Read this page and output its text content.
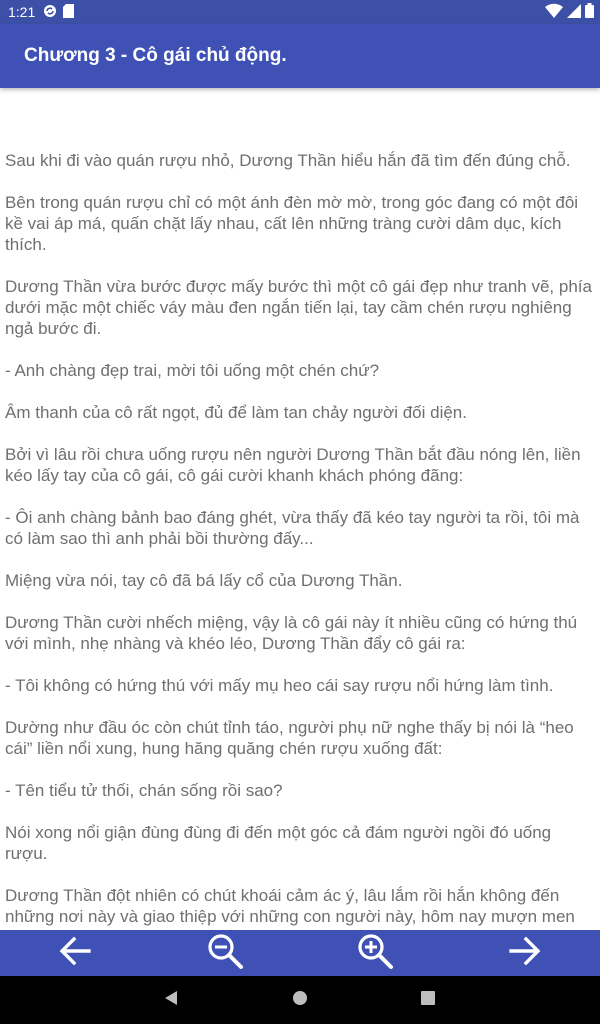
1:21
Chương 3 - Cô gái chủ động.

Sau khi đi vào quán rượu nhỏ, Dương Thần hiểu hắn đã tìm đến đúng chỗ.

Bên trong quán rượu chỉ có một ánh đèn mờ mờ, trong góc đang có một đôi kề vai áp má, quấn chặt lấy nhau, cất lên những tràng cười dâm dục, kích thích.

Dương Thần vừa bước được mấy bước thì một cô gái đẹp như tranh vẽ, phía dưới mặc một chiếc váy màu đen ngắn tiến lại, tay cầm chén rượu nghiêng ngả bước đi.

- Anh chàng đẹp trai, mời tôi uống một chén chứ?

Âm thanh của cô rất ngọt, đủ để làm tan chảy người đối diện.

Bởi vì lâu rồi chưa uống rượu nên người Dương Thần bắt đầu nóng lên, liền kéo lấy tay của cô gái, cô gái cười khanh khách phóng đãng:

- Ôi anh chàng bảnh bao đáng ghét, vừa thấy đã kéo tay người ta rồi, tôi mà có làm sao thì anh phải bồi thường đấy...

Miệng vừa nói, tay cô đã bá lấy cổ của Dương Thần.

Dương Thần cười nhếch miệng, vậy là cô gái này ít nhiều cũng có hứng thú với mình, nhẹ nhàng và khéo léo, Dương Thần đẩy cô gái ra:

- Tôi không có hứng thú với mấy mụ heo cái say rượu nổi hứng làm tình.

Dường như đầu óc còn chút tỉnh táo, người phụ nữ nghe thấy bị nói là “heo cái” liền nổi xung, hung hăng quăng chén rượu xuống đất:

- Tên tiểu tử thối, chán sống rồi sao?

Nói xong nổi giận đùng đùng đi đến một góc cả đám người ngồi đó uống rượu.

Dương Thần đột nhiên có chút khoái cảm ác ý, lâu lắm rồi hắn không đến những nơi này và giao thiệp với những con người này, hôm nay mượn men
